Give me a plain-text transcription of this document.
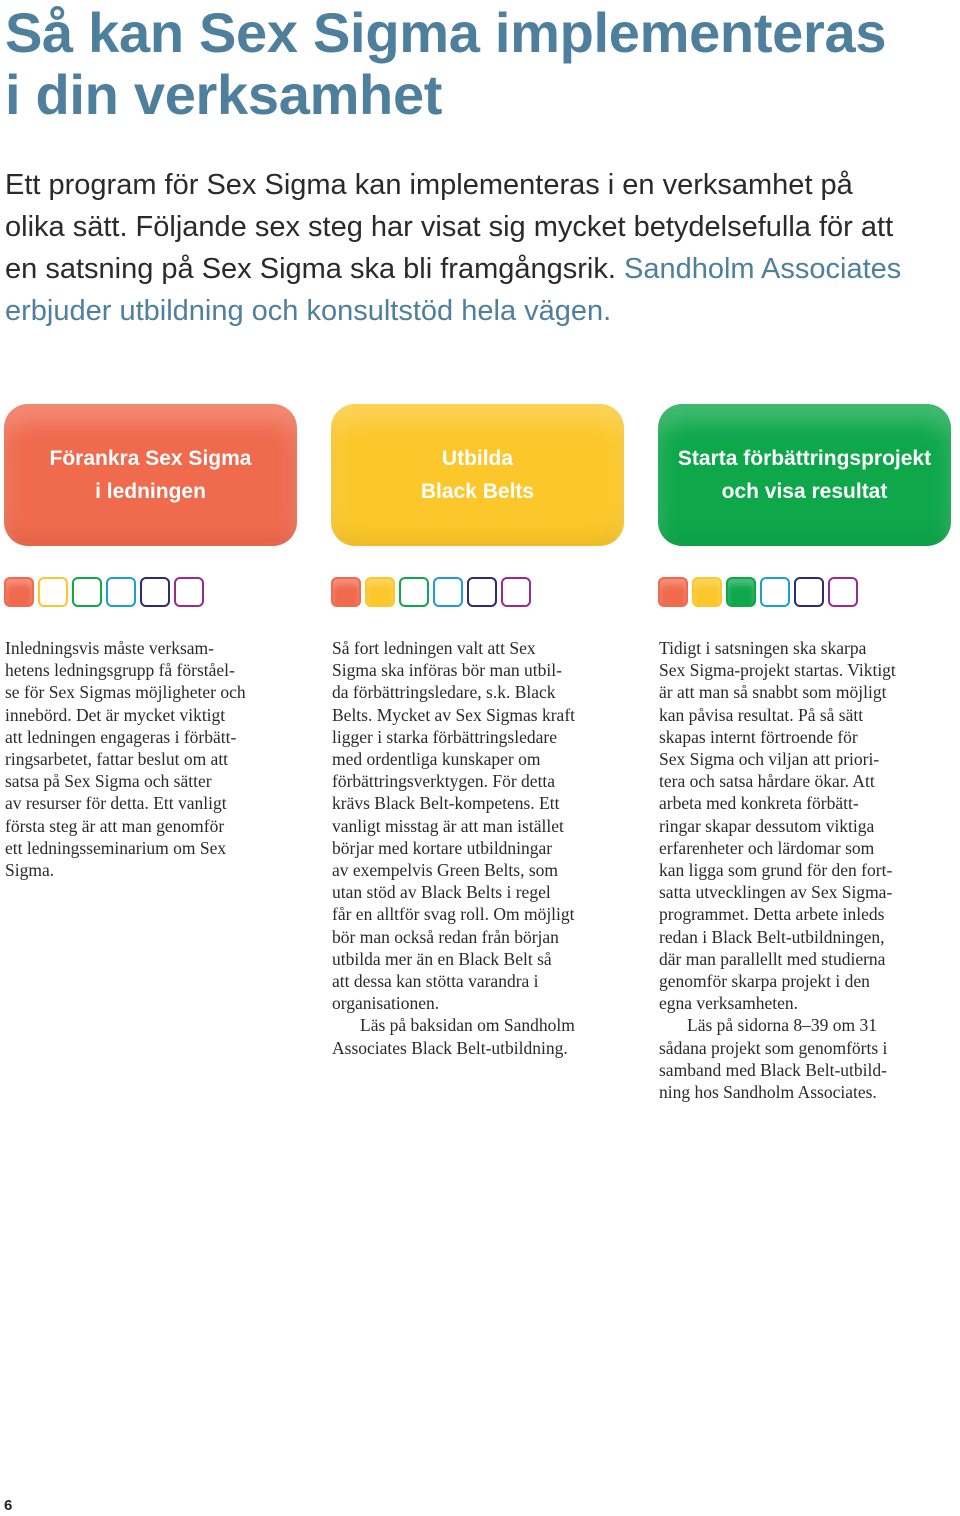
Så kan Sex Sigma implementeras
i din verksamhet

Ett program för Sex Sigma kan implementeras i en verksamhet på
olika sätt. Följande sex steg har visat sig mycket betydelsefulla för att
en satsning på Sex Sigma ska bli framgångsrik. Sandholm Associates
erbjuder utbildning och konsultstöd hela vägen.

Förankra Sex Sigma
i ledningen
Utbilda
Black Belts
Starta förbättringsprojekt
och visa resultat
Inledningsvis måste verksam-
hetens ledningsgrupp få förståel-
se för Sex Sigmas möjligheter och
innebörd. Det är mycket viktigt
att ledningen engageras i förbätt-
ringsarbetet, fattar beslut om att
satsa på Sex Sigma och sätter
av resurser för detta. Ett vanligt
första steg är att man genomför
ett ledningsseminarium om Sex
Sigma.
Så fort ledningen valt att Sex
Sigma ska införas bör man utbil-
da förbättringsledare, s.k. Black
Belts. Mycket av Sex Sigmas kraft
ligger i starka förbättringsledare
med ordentliga kunskaper om
förbättringsverktygen. För detta
krävs Black Belt-kompetens. Ett
vanligt misstag är att man istället
börjar med kortare utbildningar
av exempelvis Green Belts, som
utan stöd av Black Belts i regel
får en alltför svag roll. Om möjligt
bör man också redan från början
utbilda mer än en Black Belt så
att dessa kan stötta varandra i
organisationen.
Läs på baksidan om Sandholm
Associates Black Belt-utbildning.
Tidigt i satsningen ska skarpa
Sex Sigma-projekt startas. Viktigt
är att man så snabbt som möjligt
kan påvisa resultat. På så sätt
skapas internt förtroende för
Sex Sigma och viljan att priori-
tera och satsa hårdare ökar. Att
arbeta med konkreta förbätt-
ringar skapar dessutom viktiga
erfarenheter och lärdomar som
kan ligga som grund för den fort-
satta utvecklingen av Sex Sigma-
programmet. Detta arbete inleds
redan i Black Belt-utbildningen,
där man parallellt med studierna
genomför skarpa projekt i den
egna verksamheten.
Läs på sidorna 8–39 om 31
sådana projekt som genomförts i
samband med Black Belt-utbild-
ning hos Sandholm Associates.
6
